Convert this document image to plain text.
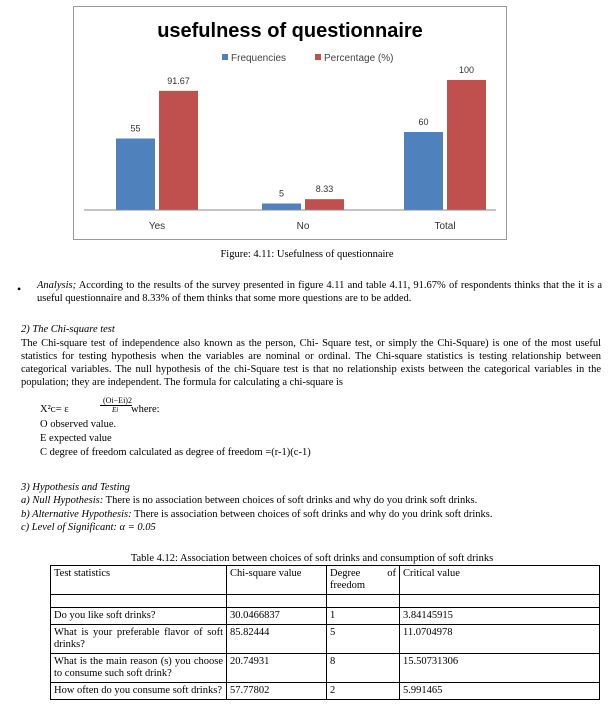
usefulness of questionnaire
Frequencies	Percentage (%)
55
91.67
Yes
5	8.33
No
60
100
Total
Figure: 4.11: Usefulness of questionnaire
• Analysis; According to the results of the survey presented in figure 4.11 and table 4.11, 91.67% of respondents thinks that the it is a useful questionnaire and 8.33% of them thinks that some more questions are to be added.

2) The Chi-square test

The Chi-square test of independence also known as the person, Chi- Square test, or simply the Chi-Square) is one of the most useful statistics for testing hypothesis when the variables are nominal or ordinal. The Chi-square statistics is testing relationship between categorical variables. The null hypothesis of the chi-Square test is that no relationship exists between the categorical variables in the population; they are independent. The formula for calculating a chi-square is

(Oi−Ei)2
X²ᴄ= ε	Ei where:
O observed value.
E expected value
C degree of freedom calculated as degree of freedom =(r-1)(c-1)

3) Hypothesis and Testing

a) Null Hypothesis: There is no association between choices of soft drinks and why do you drink soft drinks.

b) Alternative Hypothesis: There is association between choices of soft drinks and why do you drink soft drinks.

c) Level of Significant: α = 0.05

Table 4.12: Association between choices of soft drinks and consumption of soft drinks
Test statistics	Chi-square value	Degree of freedom	Critical value

Do you like soft drinks?	30.0466837	1	3.84145915
What is your preferable flavor of soft drinks?	85.82444	5	11.0704978
What is the main reason (s) you choose to consume such soft drink?	20.74931	8	15.50731306
How often do you consume soft drinks?	57.77802	2	5.991465
